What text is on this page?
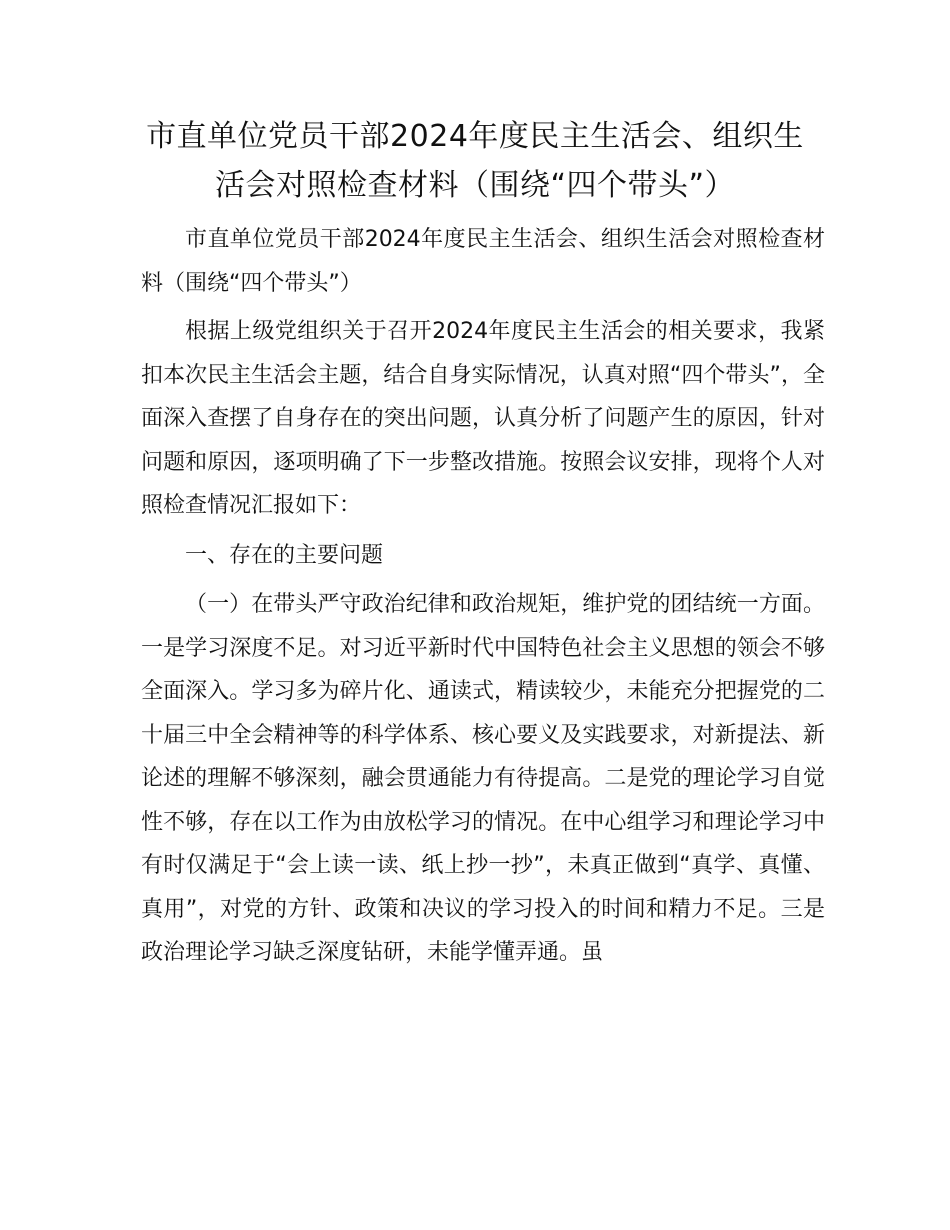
市直单位党员干部2024年度民主生活会、组织生活会对照检查材料（围绕“四个带头”）

市直单位党员干部2024年度民主生活会、组织生活会对照检查材料（围绕“四个带头”）

根据上级党组织关于召开2024年度民主生活会的相关要求，我紧扣本次民主生活会主题，结合自身实际情况，认真对照“四个带头”，全面深入查摆了自身存在的突出问题，认真分析了问题产生的原因，针对问题和原因，逐项明确了下一步整改措施。按照会议安排，现将个人对照检查情况汇报如下：

一、存在的主要问题

（一）在带头严守政治纪律和政治规矩，维护党的团结统一方面。一是学习深度不足。对习近平新时代中国特色社会主义思想的领会不够全面深入。学习多为碎片化、通读式，精读较少，未能充分把握党的二十届三中全会精神等的科学体系、核心要义及实践要求，对新提法、新论述的理解不够深刻，融会贯通能力有待提高。二是党的理论学习自觉性不够，存在以工作为由放松学习的情况。在中心组学习和理论学习中有时仅满足于“会上读一读、纸上抄一抄”，未真正做到“真学、真懂、真用”，对党的方针、政策和决议的学习投入的时间和精力不足。三是政治理论学习缺乏深度钻研，未能学懂弄通。虽
